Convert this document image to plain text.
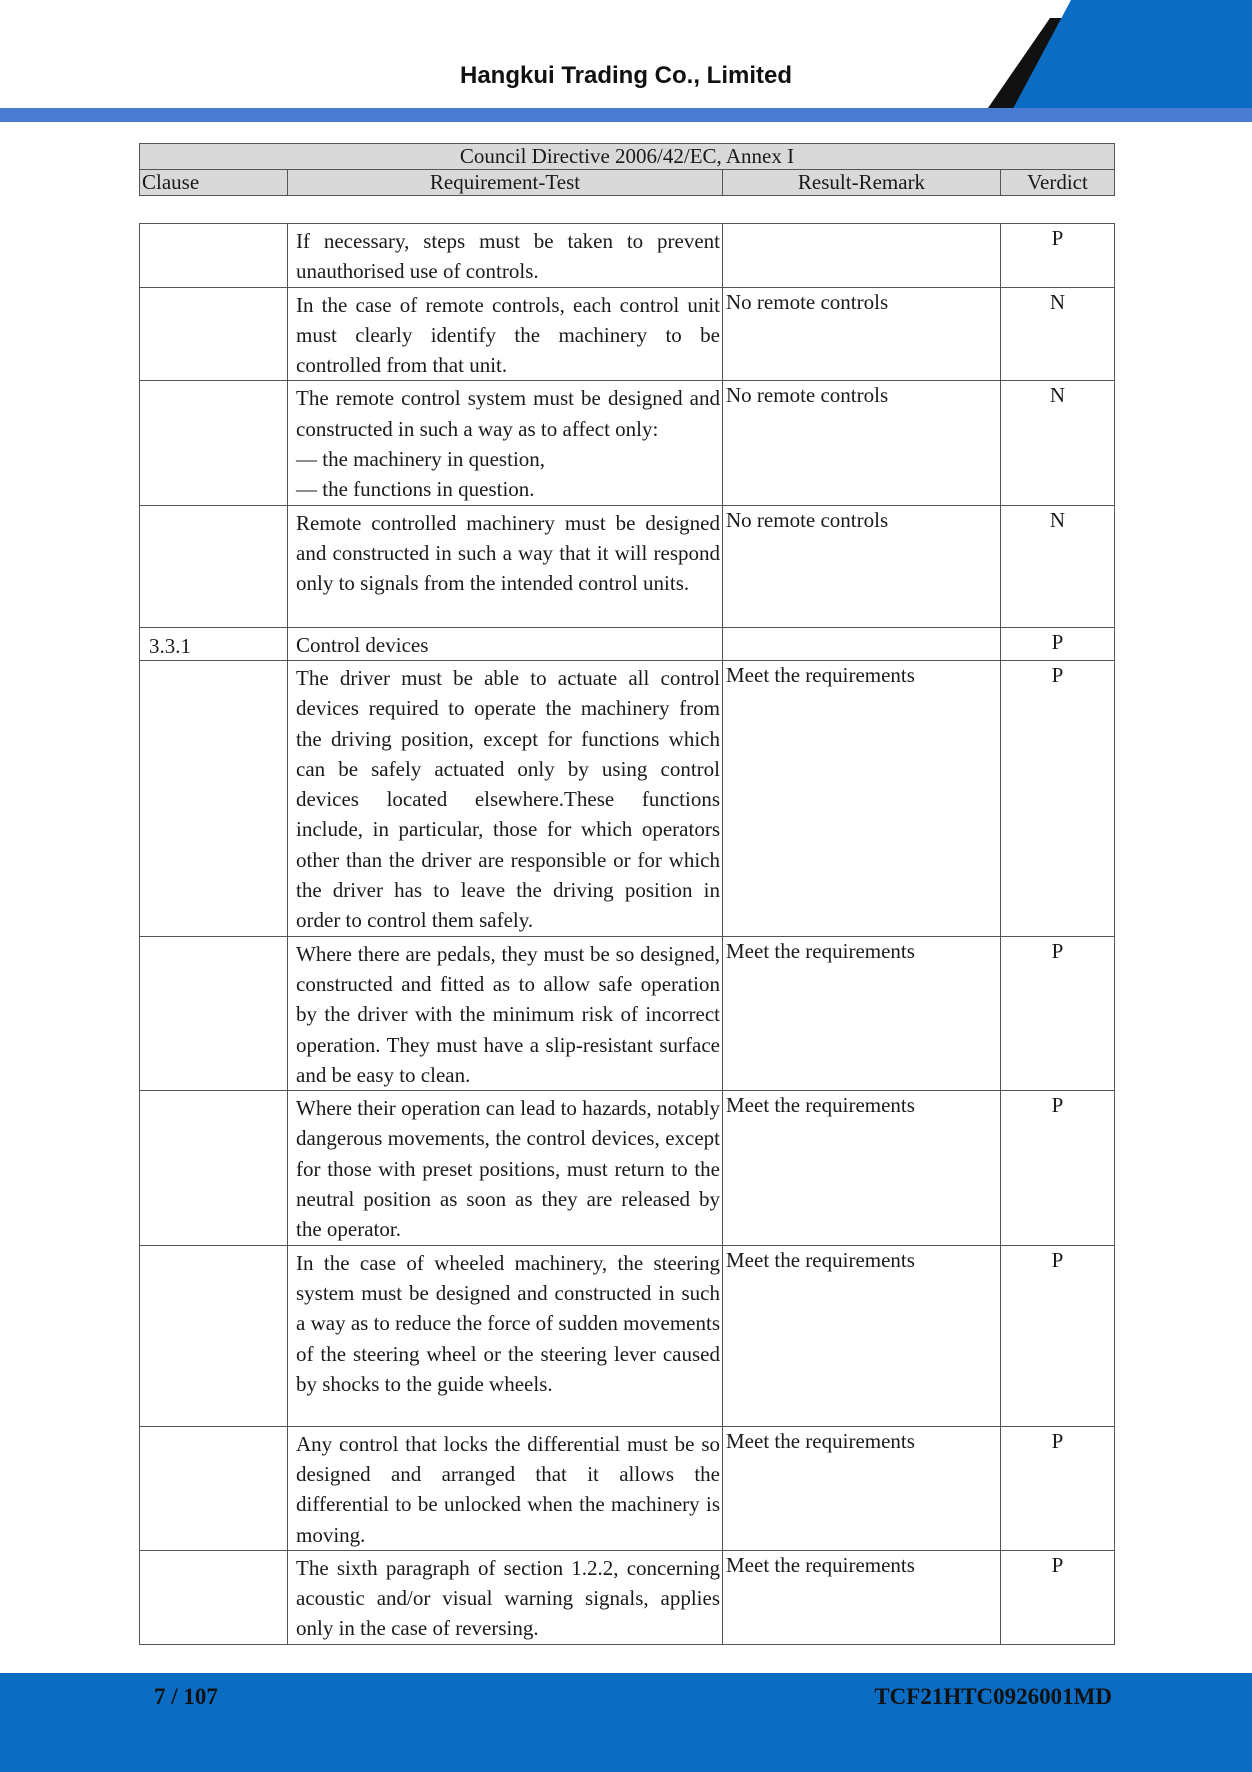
Hangkui Trading Co., Limited
Council Directive 2006/42/EC, Annex I
Clause	Requirement-Test	Result-Remark	Verdict

	If necessary, steps must be taken to prevent unauthorised use of controls.		P

	In the case of remote controls, each control unit must clearly identify the machinery to be controlled from that unit.	No remote controls	N

	The remote control system must be designed and constructed in such a way as to affect only:
— the machinery in question,
— the functions in question.	No remote controls	N

	Remote controlled machinery must be designed and constructed in such a way that it will respond only to signals from the intended control units.	No remote controls	N
3.3.1	Control devices		P

	The driver must be able to actuate all control devices required to operate the machinery from the driving position, except for functions which can be safely actuated only by using control devices located elsewhere.These functions include, in particular, those for which operators other than the driver are responsible or for which the driver has to leave the driving position in order to control them safely.	Meet the requirements	P

	Where there are pedals, they must be so designed, constructed and fitted as to allow safe operation by the driver with the minimum risk of incorrect operation. They must have a slip-resistant surface and be easy to clean.	Meet the requirements	P

	Where their operation can lead to hazards, notably dangerous movements, the control devices, except for those with preset positions, must return to the neutral position as soon as they are released by the operator.	Meet the requirements	P

	In the case of wheeled machinery, the steering system must be designed and constructed in such a way as to reduce the force of sudden movements of the steering wheel or the steering lever caused by shocks to the guide wheels.	Meet the requirements	P

	Any control that locks the differential must be so designed and arranged that it allows the differential to be unlocked when the machinery is moving.	Meet the requirements	P

	The sixth paragraph of section 1.2.2, concerning acoustic and/or visual warning signals, applies only in the case of reversing.	Meet the requirements	P
7 / 107	TCF21HTC0926001MD
